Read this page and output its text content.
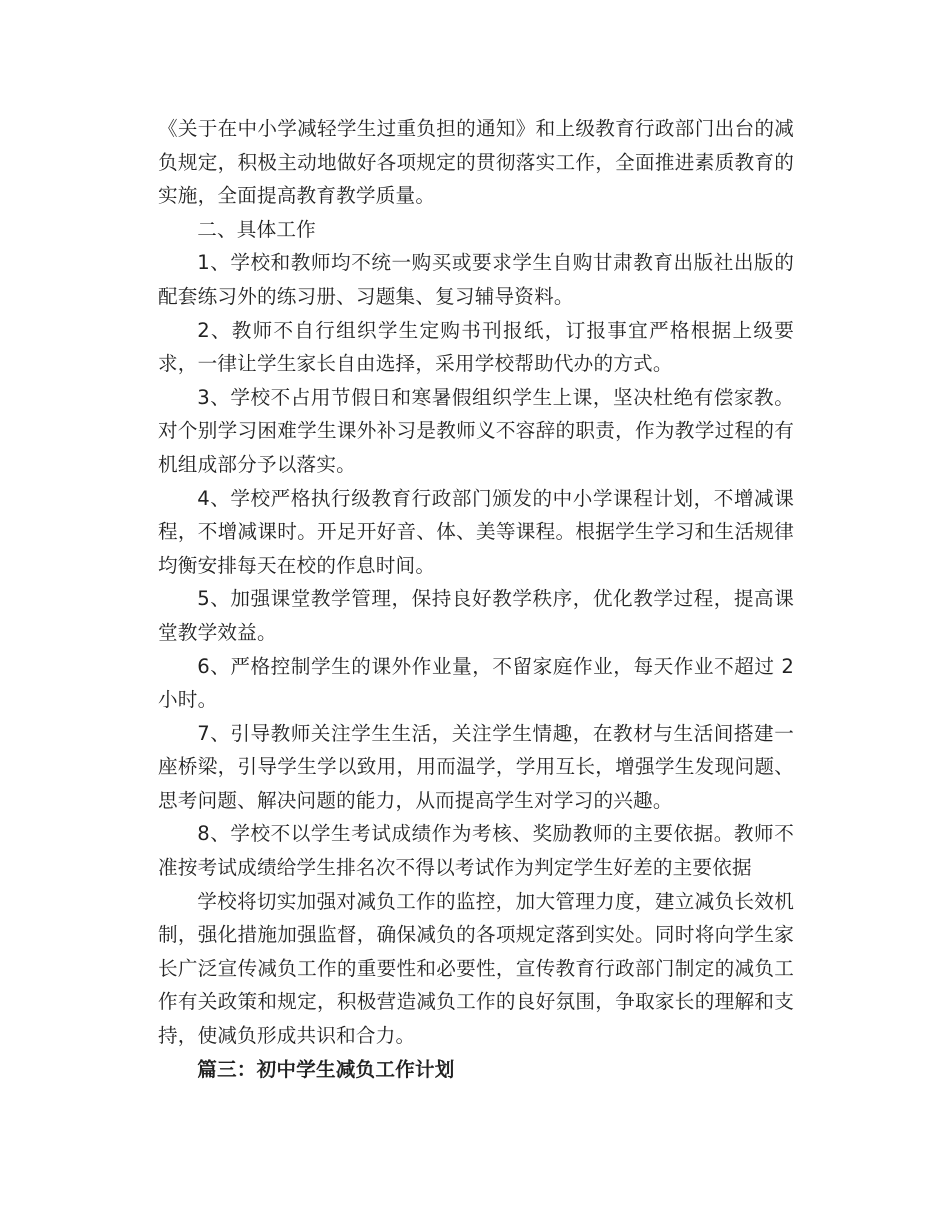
《关于在中小学减轻学生过重负担的通知》和上级教育行政部门出台的减负规定，积极主动地做好各项规定的贯彻落实工作，全面推进素质教育的实施，全面提高教育教学质量。

二、具体工作

1、学校和教师均不统一购买或要求学生自购甘肃教育出版社出版的配套练习外的练习册、习题集、复习辅导资料。

2、教师不自行组织学生定购书刊报纸，订报事宜严格根据上级要求，一律让学生家长自由选择，采用学校帮助代办的方式。

3、学校不占用节假日和寒暑假组织学生上课，坚决杜绝有偿家教。对个别学习困难学生课外补习是教师义不容辞的职责，作为教学过程的有机组成部分予以落实。

4、学校严格执行级教育行政部门颁发的中小学课程计划，不增减课程，不增减课时。开足开好音、体、美等课程。根据学生学习和生活规律均衡安排每天在校的作息时间。

5、加强课堂教学管理，保持良好教学秩序，优化教学过程，提高课堂教学效益。

6、严格控制学生的课外作业量，不留家庭作业，每天作业不超过 2 小时。

7、引导教师关注学生生活，关注学生情趣，在教材与生活间搭建一座桥梁，引导学生学以致用，用而温学，学用互长，增强学生发现问题、思考问题、解决问题的能力，从而提高学生对学习的兴趣。

8、学校不以学生考试成绩作为考核、奖励教师的主要依据。教师不准按考试成绩给学生排名次不得以考试作为判定学生好差的主要依据

学校将切实加强对减负工作的监控，加大管理力度，建立减负长效机制，强化措施加强监督，确保减负的各项规定落到实处。同时将向学生家长广泛宣传减负工作的重要性和必要性，宣传教育行政部门制定的减负工作有关政策和规定，积极营造减负工作的良好氛围，争取家长的理解和支持，使减负形成共识和合力。

篇三：初中学生减负工作计划
